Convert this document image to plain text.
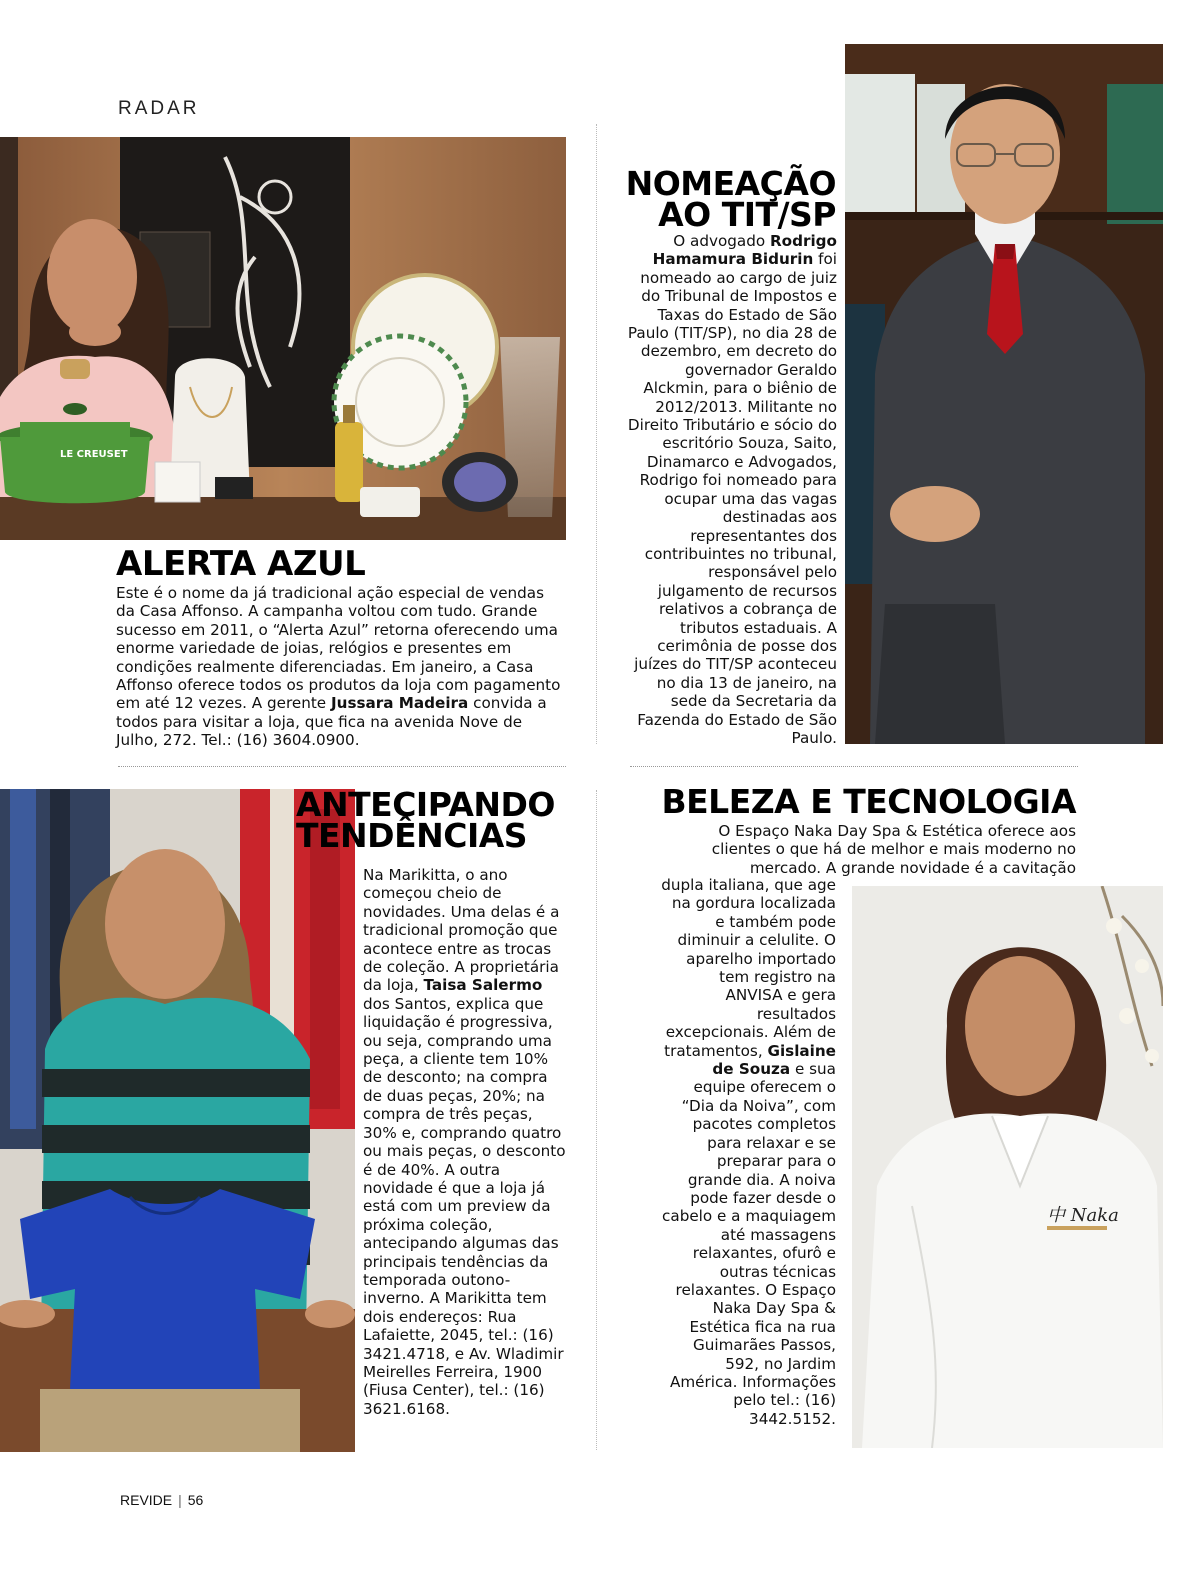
RADAR
LE CREUSET
ALERTA AZUL
Este é o nome da já tradicional ação especial de vendas da Casa Affonso. A campanha voltou com tudo. Grande sucesso em 2011, o “Alerta Azul” retorna oferecendo uma enorme variedade de joias, relógios e presentes em condições realmente diferenciadas. Em janeiro, a Casa Affonso oferece todos os produtos da loja com pagamento em até 12 vezes. A gerente Jussara Madeira convida a todos para visitar a loja, que fica na avenida Nove de Julho, 272. Tel.: (16) 3604.0900.
NOMEAÇÃO
AO TIT/SP
O advogado Rodrigo Hamamura Bidurin foi nomeado ao cargo de juiz do Tribunal de Impostos e Taxas do Estado de São Paulo (TIT/SP), no dia 28 de dezembro, em decreto do governador Geraldo Alckmin, para o biênio de 2012/2013. Militante no Direito Tributário e sócio do escritório Souza, Saito, Dinamarco e Advogados, Rodrigo foi nomeado para ocupar uma das vagas destinadas aos representantes dos contribuintes no tribunal, responsável pelo julgamento de recursos relativos a cobrança de tributos estaduais. A cerimônia de posse dos juízes do TIT/SP aconteceu no dia 13 de janeiro, na sede da Secretaria da Fazenda do Estado de São Paulo.
ANTECIPANDO
TENDÊNCIAS
Na Marikitta, o ano começou cheio de novidades. Uma delas é a tradicional promoção que acontece entre as trocas de coleção. A proprietária da loja, Taisa Salermo dos Santos, explica que liquidação é progressiva, ou seja, comprando uma peça, a cliente tem 10% de desconto; na compra de duas peças, 20%; na compra de três peças, 30% e, comprando quatro ou mais peças, o desconto é de 40%. A outra novidade é que a loja já está com um preview da próxima coleção, antecipando algumas das principais tendências da temporada outono-inverno. A Marikitta tem dois endereços: Rua Lafaiette, 2045, tel.: (16) 3421.4718, e Av. Wladimir Meirelles Ferreira, 1900 (Fiusa Center), tel.: (16) 3621.6168.
BELEZA E TECNOLOGIA
O Espaço Naka Day Spa & Estética oferece aos clientes o que há de melhor e mais moderno no mercado. A grande novidade é a cavitação
中 Naka
dupla italiana, que age na gordura localizada e também pode diminuir a celulite. O aparelho importado tem registro na ANVISA e gera resultados excepcionais. Além de tratamentos, Gislaine de Souza e sua equipe oferecem o “Dia da Noiva”, com pacotes completos para relaxar e se preparar para o grande dia. A noiva pode fazer desde o cabelo e a maquiagem até massagens relaxantes, ofurô e outras técnicas relaxantes. O Espaço Naka Day Spa & Estética fica na rua Guimarães Passos, 592, no Jardim América. Informações pelo tel.: (16) 3442.5152.
REVIDE | 56
